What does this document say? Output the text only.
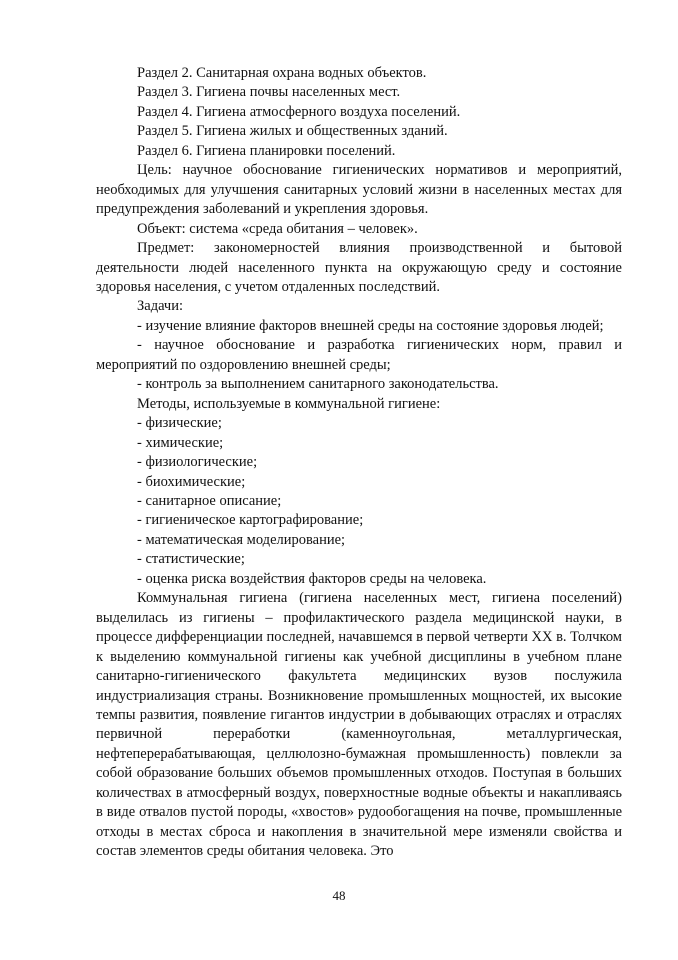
Раздел 2. Санитарная охрана водных объектов.

Раздел 3. Гигиена почвы населенных мест.

Раздел 4. Гигиена атмосферного воздуха поселений.

Раздел 5. Гигиена жилых и общественных зданий.

Раздел 6. Гигиена планировки поселений.

Цель: научное обоснование гигиенических нормативов и мероприятий, необходимых для улучшения санитарных условий жизни в населенных местах для предупреждения заболеваний и укрепления здоровья.

Объект: система «среда обитания – человек».

Предмет: закономерностей влияния производственной и бытовой деятельности людей населенного пункта на окружающую среду и состояние здоровья населения, с учетом отдаленных последствий.

Задачи:

- изучение влияние факторов внешней среды на состояние здоровья людей;

- научное обоснование и разработка гигиенических норм, правил и мероприятий по оздоровлению внешней среды;

- контроль за выполнением санитарного законодательства.

Методы, используемые в коммунальной гигиене:

- физические;

- химические;

- физиологические;

- биохимические;

- санитарное описание;

- гигиеническое картографирование;

- математическая моделирование;

- статистические;

- оценка риска воздействия факторов среды на человека.

Коммунальная гигиена (гигиена населенных мест, гигиена поселений) выделилась из гигиены – профилактического раздела медицинской науки, в процессе дифференциации последней, начавшемся в первой четверти XX в. Толчком к выделению коммунальной гигиены как учебной дисциплины в учебном плане санитарно-гигиенического факультета медицинских вузов послужила индустриализация страны. Возникновение промышленных мощностей, их высокие темпы развития, появление гигантов индустрии в добывающих отраслях и отраслях первичной переработки (каменноугольная, металлургическая, нефтеперерабатывающая, целлюлозно-бумажная промышленность) повлекли за собой образование больших объемов промышленных отходов. Поступая в больших количествах в атмосферный воздух, поверхностные водные объекты и накапливаясь в виде отвалов пустой породы, «хвостов» рудообогащения на почве, промышленные отходы в местах сброса и накопления в значительной мере изменяли свойства и состав элементов среды обитания человека. Это

48
